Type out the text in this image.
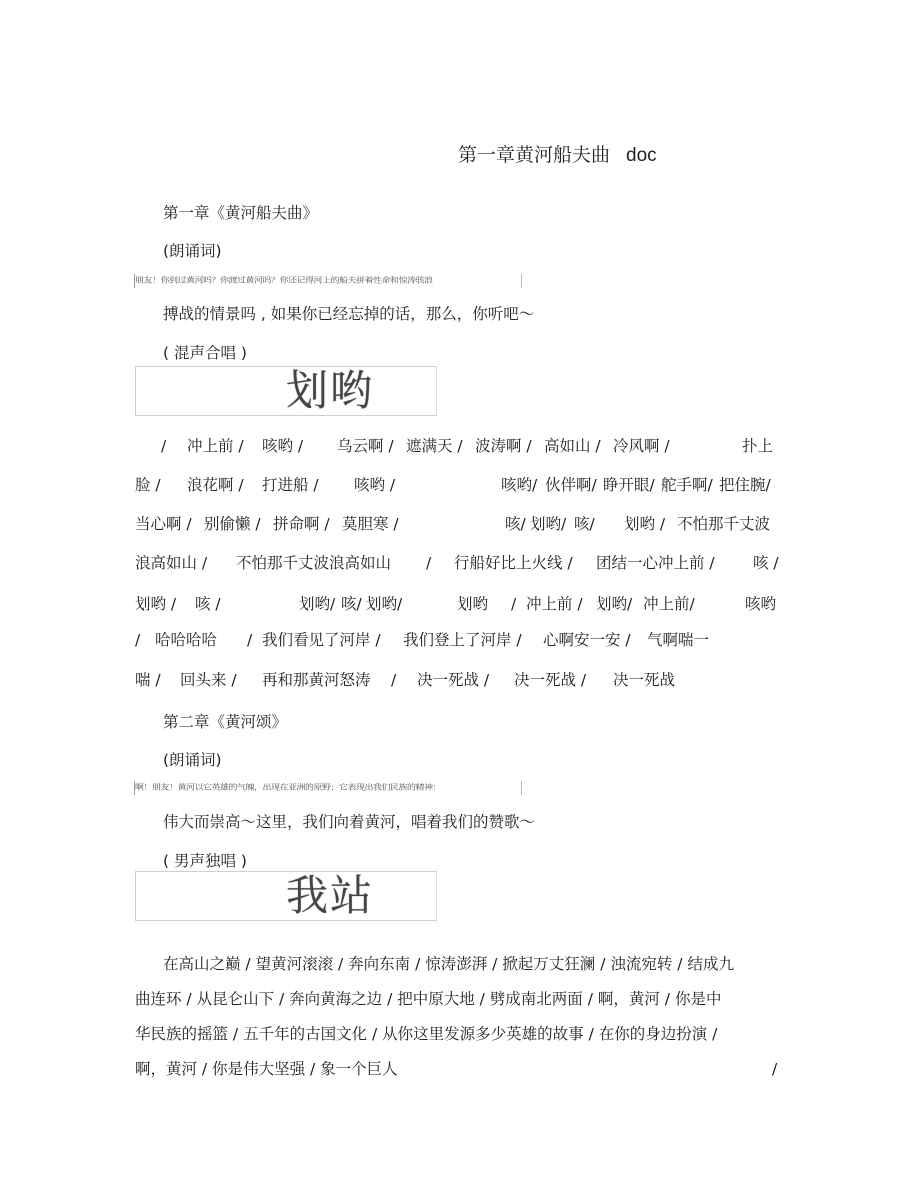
第一章黄河船夫曲 doc
第一章《黄河船夫曲》
(朗诵词)
朋友！你到过黄河吗？你渡过黄河吗？你还记得河上的船夫拼着性命和惊涛骇浪
搏战的情景吗 , 如果你已经忘掉的话，那么，你听吧～
( 混声合唱 )
划哟
/ 冲上前 / 咳哟 / 乌云啊 / 遮满天 / 波涛啊 / 高如山 / 冷风啊 /	扑上
脸 / 浪花啊 / 打进船 / 咳哟 /	咳哟/ 伙伴啊/ 睁开眼/ 舵手啊/ 把住腕/
当心啊 / 别偷懒 / 拼命啊 / 莫胆寒 /	咳/ 划哟/ 咳/ 划哟 / 不怕那千丈波
浪高如山 / 不怕那千丈波浪高如山 / 行船好比上火线 / 团结一心冲上前 / 咳 /
划哟 / 咳 /	划哟/ 咳/ 划哟/	划哟 / 冲上前 / 划哟/ 冲上前/	咳哟
/ 哈哈哈哈 / 我们看见了河岸 / 我们登上了河岸 / 心啊安一安 / 气啊喘一
喘 / 回头来 / 再和那黄河怒涛 / 决一死战 / 决一死战 / 决一死战
第二章《黄河颂》
(朗诵词)
啊！朋友！黄河以它英雄的气魄，出现在亚洲的原野；它表现出我们民族的精神：
伟大而崇高～这里，我们向着黄河，唱着我们的赞歌～
( 男声独唱 )
我站
在高山之巅 / 望黄河滚滚 / 奔向东南 / 惊涛澎湃 / 掀起万丈狂澜 / 浊流宛转 / 结成九
曲连环 / 从昆仑山下 / 奔向黄海之边 / 把中原大地 / 劈成南北两面 / 啊，黄河 / 你是中
华民族的摇篮 / 五千年的古国文化 / 从你这里发源多少英雄的故事 / 在你的身边扮演 /
啊，黄河 / 你是伟大坚强 / 象一个巨人	/
